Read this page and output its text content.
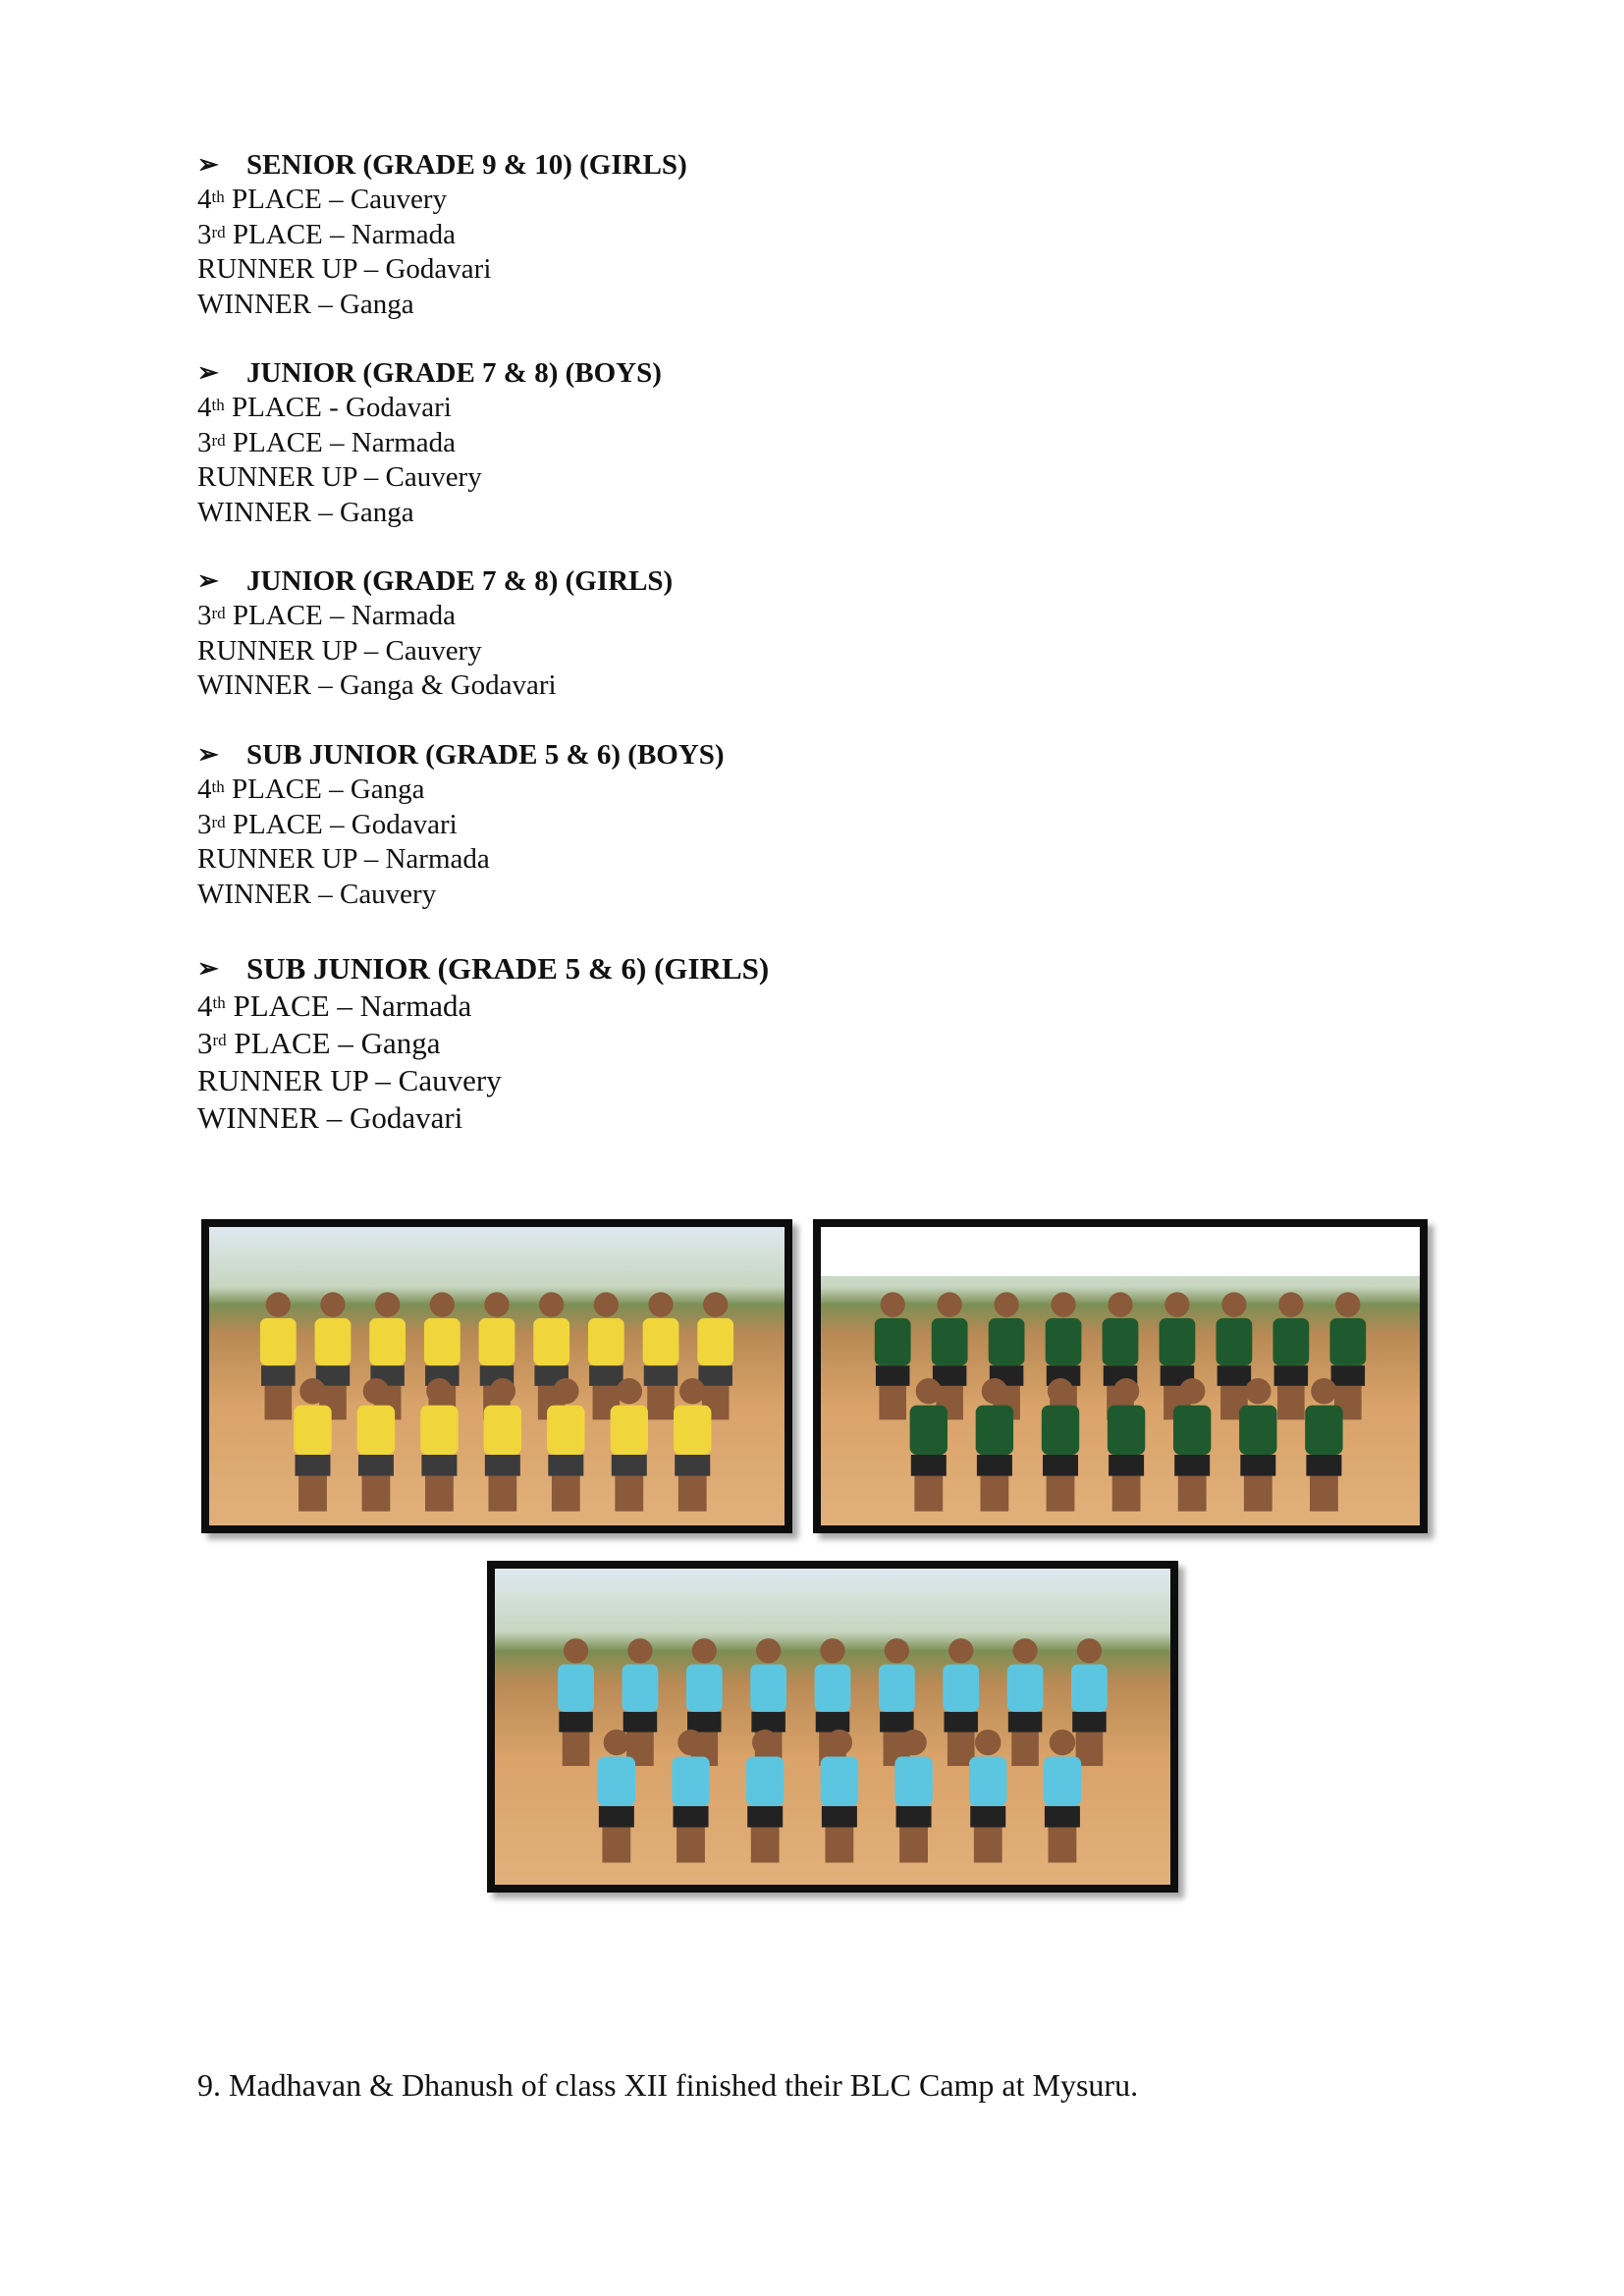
➢ SENIOR (GRADE 9 & 10) (GIRLS)
4th PLACE – Cauvery
3rd PLACE – Narmada
RUNNER UP – Godavari
WINNER – Ganga
➢ JUNIOR (GRADE 7 & 8) (BOYS)
4th PLACE - Godavari
3rd PLACE – Narmada
RUNNER UP – Cauvery
WINNER – Ganga
➢ JUNIOR (GRADE 7 & 8) (GIRLS)
3rd PLACE – Narmada
RUNNER UP – Cauvery
WINNER – Ganga & Godavari
➢ SUB JUNIOR (GRADE 5 & 6) (BOYS)
4th PLACE – Ganga
3rd PLACE – Godavari
RUNNER UP – Narmada
WINNER – Cauvery
➢ SUB JUNIOR (GRADE 5 & 6) (GIRLS)
4th PLACE – Narmada
3rd PLACE – Ganga
RUNNER UP – Cauvery
WINNER – Godavari
9. Madhavan & Dhanush of class XII finished their BLC Camp at Mysuru.
